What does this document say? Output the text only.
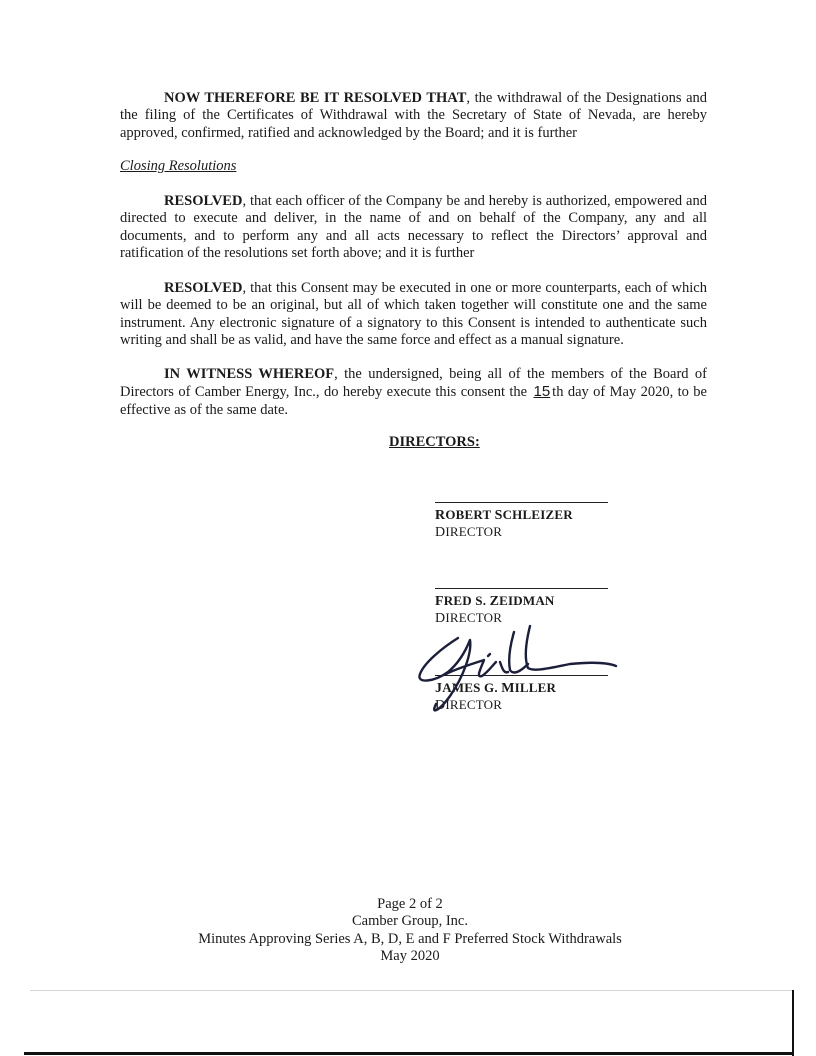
NOW THEREFORE BE IT RESOLVED THAT, the withdrawal of the Designations and the filing of the Certificates of Withdrawal with the Secretary of State of Nevada, are hereby approved, confirmed, ratified and acknowledged by the Board; and it is further

Closing Resolutions

RESOLVED, that each officer of the Company be and hereby is authorized, empowered and directed to execute and deliver, in the name of and on behalf of the Company, any and all documents, and to perform any and all acts necessary to reflect the Directors’ approval and ratification of the resolutions set forth above; and it is further

RESOLVED, that this Consent may be executed in one or more counterparts, each of which will be deemed to be an original, but all of which taken together will constitute one and the same instrument. Any electronic signature of a signatory to this Consent is intended to authenticate such writing and shall be as valid, and have the same force and effect as a manual signature.

IN WITNESS WHEREOF, the undersigned, being all of the members of the Board of Directors of Camber Energy, Inc., do hereby execute this consent the 15 th day of May 2020, to be effective as of the same date.

DIRECTORS:

ROBERT SCHLEIZER
DIRECTOR
FRED S. ZEIDMAN
DIRECTOR
JAMES G. MILLER
DIRECTOR
Page 2 of 2
Camber Group, Inc.
Minutes Approving Series A, B, D, E and F Preferred Stock Withdrawals
May 2020
